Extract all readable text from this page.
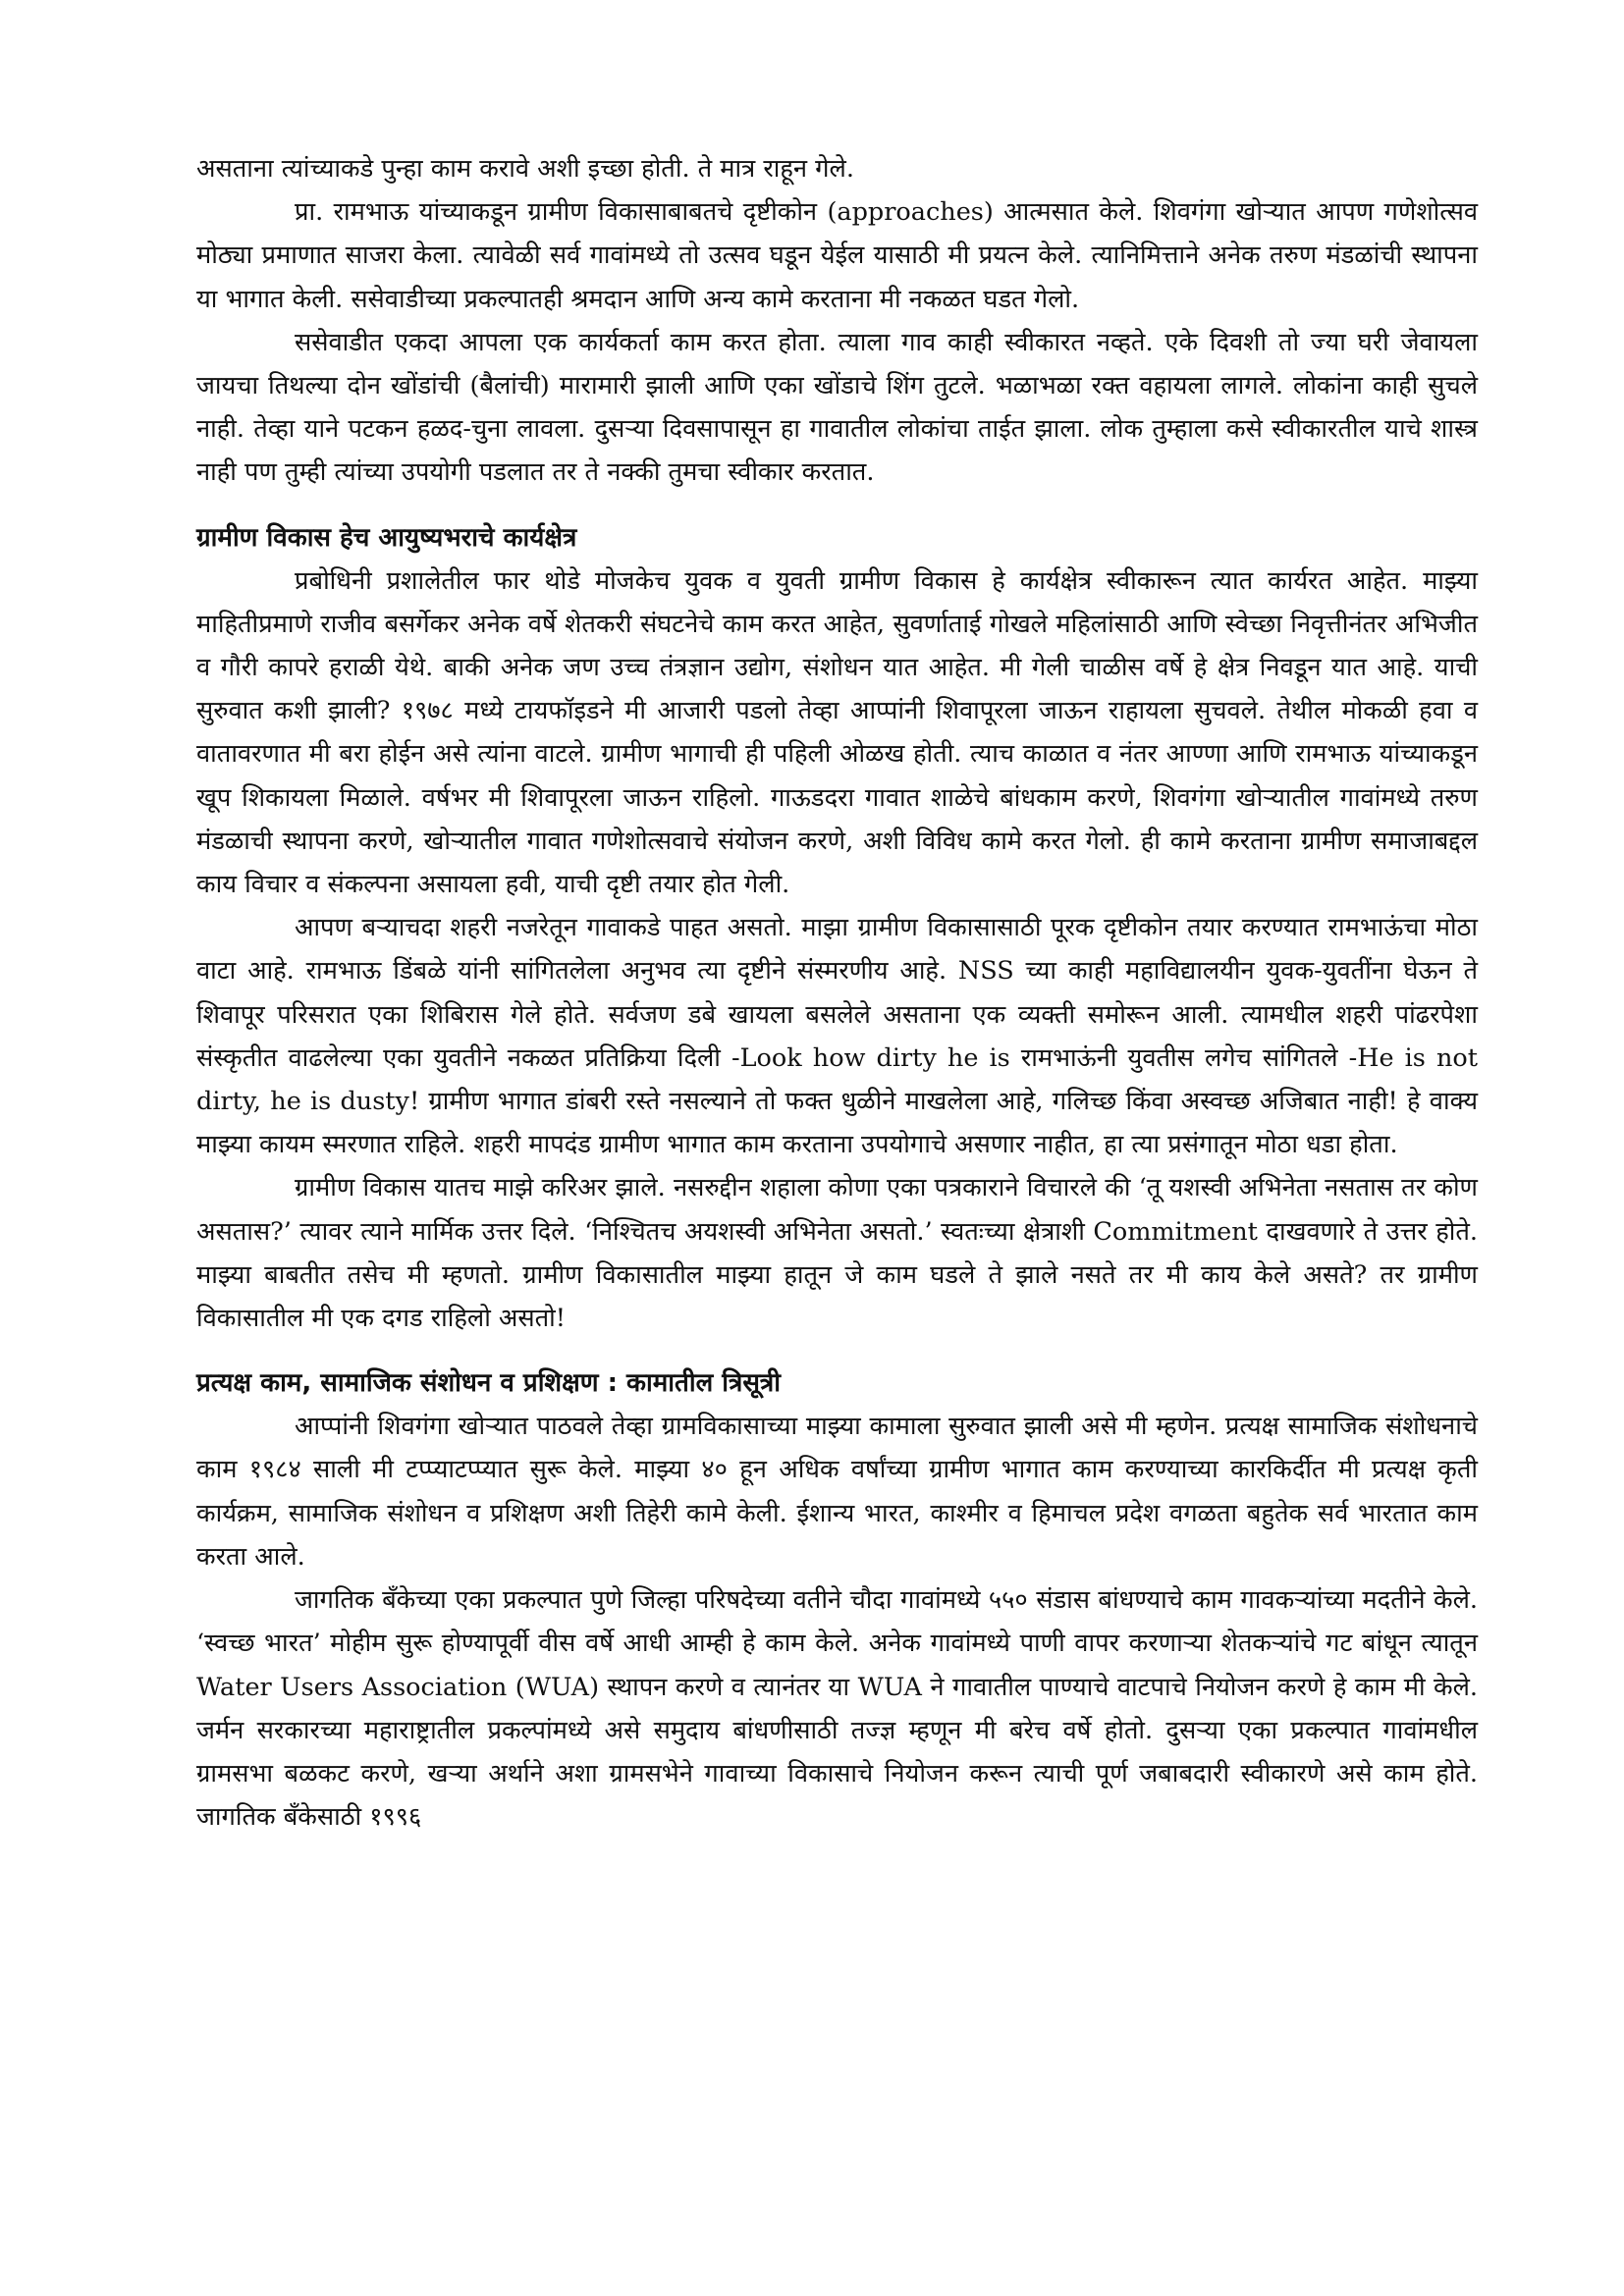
असताना त्यांच्याकडे पुन्हा काम करावे अशी इच्छा होती. ते मात्र राहून गेले.

प्रा. रामभाऊ यांच्याकडून ग्रामीण विकासाबाबतचे दृष्टीकोन (approaches) आत्मसात केले. शिवगंगा खोऱ्यात आपण गणेशोत्सव मोठ्या प्रमाणात साजरा केला. त्यावेळी सर्व गावांमध्ये तो उत्सव घडून येईल यासाठी मी प्रयत्न केले. त्यानिमित्ताने अनेक तरुण मंडळांची स्थापना या भागात केली. ससेवाडीच्या प्रकल्पातही श्रमदान आणि अन्य कामे करताना मी नकळत घडत गेलो.

ससेवाडीत एकदा आपला एक कार्यकर्ता काम करत होता. त्याला गाव काही स्वीकारत नव्हते. एके दिवशी तो ज्या घरी जेवायला जायचा तिथल्या दोन खोंडांची (बैलांची) मारामारी झाली आणि एका खोंडाचे शिंग तुटले. भळाभळा रक्त वहायला लागले. लोकांना काही सुचले नाही. तेव्हा याने पटकन हळद-चुना लावला. दुसऱ्या दिवसापासून हा गावातील लोकांचा ताईत झाला. लोक तुम्हाला कसे स्वीकारतील याचे शास्त्र नाही पण तुम्ही त्यांच्या उपयोगी पडलात तर ते नक्की तुमचा स्वीकार करतात.

ग्रामीण विकास हेच आयुष्यभराचे कार्यक्षेत्र

प्रबोधिनी प्रशालेतील फार थोडे मोजकेच युवक व युवती ग्रामीण विकास हे कार्यक्षेत्र स्वीकारून त्यात कार्यरत आहेत. माझ्या माहितीप्रमाणे राजीव बसर्गेकर अनेक वर्षे शेतकरी संघटनेचे काम करत आहेत, सुवर्णाताई गोखले महिलांसाठी आणि स्वेच्छा निवृत्तीनंतर अभिजीत व गौरी कापरे हराळी येथे. बाकी अनेक जण उच्च तंत्रज्ञान उद्योग, संशोधन यात आहेत. मी गेली चाळीस वर्षे हे क्षेत्र निवडून यात आहे. याची सुरुवात कशी झाली? १९७८ मध्ये टायफॉइडने मी आजारी पडलो तेव्हा आप्पांनी शिवापूरला जाऊन राहायला सुचवले. तेथील मोकळी हवा व वातावरणात मी बरा होईन असे त्यांना वाटले. ग्रामीण भागाची ही पहिली ओळख होती. त्याच काळात व नंतर आण्णा आणि रामभाऊ यांच्याकडून खूप शिकायला मिळाले. वर्षभर मी शिवापूरला जाऊन राहिलो. गाऊडदरा गावात शाळेचे बांधकाम करणे, शिवगंगा खोऱ्यातील गावांमध्ये तरुण मंडळाची स्थापना करणे, खोऱ्यातील गावात गणेशोत्सवाचे संयोजन करणे, अशी विविध कामे करत गेलो. ही कामे करताना ग्रामीण समाजाबद्दल काय विचार व संकल्पना असायला हवी, याची दृष्टी तयार होत गेली.

आपण बऱ्याचदा शहरी नजरेतून गावाकडे पाहत असतो. माझा ग्रामीण विकासासाठी पूरक दृष्टीकोन तयार करण्यात रामभाऊंचा मोठा वाटा आहे. रामभाऊ डिंबळे यांनी सांगितलेला अनुभव त्या दृष्टीने संस्मरणीय आहे. NSS च्या काही महाविद्यालयीन युवक-युवतींना घेऊन ते शिवापूर परिसरात एका शिबिरास गेले होते. सर्वजण डबे खायला बसलेले असताना एक व्यक्ती समोरून आली. त्यामधील शहरी पांढरपेशा संस्कृतीत वाढलेल्या एका युवतीने नकळत प्रतिक्रिया दिली -Look how dirty he is रामभाऊंनी युवतीस लगेच सांगितले -He is not dirty, he is dusty! ग्रामीण भागात डांबरी रस्ते नसल्याने तो फक्त धुळीने माखलेला आहे, गलिच्छ किंवा अस्वच्छ अजिबात नाही! हे वाक्य माझ्या कायम स्मरणात राहिले. शहरी मापदंड ग्रामीण भागात काम करताना उपयोगाचे असणार नाहीत, हा त्या प्रसंगातून मोठा धडा होता.

ग्रामीण विकास यातच माझे करिअर झाले. नसरुद्दीन शहाला कोणा एका पत्रकाराने विचारले की ‘तू यशस्वी अभिनेता नसतास तर कोण असतास?’ त्यावर त्याने मार्मिक उत्तर दिले. ‘निश्चितच अयशस्वी अभिनेता असतो.’ स्वतःच्या क्षेत्राशी Commitment दाखवणारे ते उत्तर होते. माझ्या बाबतीत तसेच मी म्हणतो. ग्रामीण विकासातील माझ्या हातून जे काम घडले ते झाले नसते तर मी काय केले असते? तर ग्रामीण विकासातील मी एक दगड राहिलो असतो!

प्रत्यक्ष काम, सामाजिक संशोधन व प्रशिक्षण : कामातील त्रिसूत्री

आप्पांनी शिवगंगा खोऱ्यात पाठवले तेव्हा ग्रामविकासाच्या माझ्या कामाला सुरुवात झाली असे मी म्हणेन. प्रत्यक्ष सामाजिक संशोधनाचे काम १९८४ साली मी टप्प्याटप्प्यात सुरू केले. माझ्या ४० हून अधिक वर्षांच्या ग्रामीण भागात काम करण्याच्या कारकिर्दीत मी प्रत्यक्ष कृती कार्यक्रम, सामाजिक संशोधन व प्रशिक्षण अशी तिहेरी कामे केली. ईशान्य भारत, काश्मीर व हिमाचल प्रदेश वगळता बहुतेक सर्व भारतात काम करता आले.

जागतिक बँकेच्या एका प्रकल्पात पुणे जिल्हा परिषदेच्या वतीने चौदा गावांमध्ये ५५० संडास बांधण्याचे काम गावकऱ्यांच्या मदतीने केले. ‘स्वच्छ भारत’ मोहीम सुरू होण्यापूर्वी वीस वर्षे आधी आम्ही हे काम केले. अनेक गावांमध्ये पाणी वापर करणाऱ्या शेतकऱ्यांचे गट बांधून त्यातून Water Users Association (WUA) स्थापन करणे व त्यानंतर या WUA ने गावातील पाण्याचे वाटपाचे नियोजन करणे हे काम मी केले. जर्मन सरकारच्या महाराष्ट्रातील प्रकल्पांमध्ये असे समुदाय बांधणीसाठी तज्ज्ञ म्हणून मी बरेच वर्षे होतो. दुसऱ्या एका प्रकल्पात गावांमधील ग्रामसभा बळकट करणे, खऱ्या अर्थाने अशा ग्रामसभेने गावाच्या विकासाचे नियोजन करून त्याची पूर्ण जबाबदारी स्वीकारणे असे काम होते. जागतिक बँकेसाठी १९९६
